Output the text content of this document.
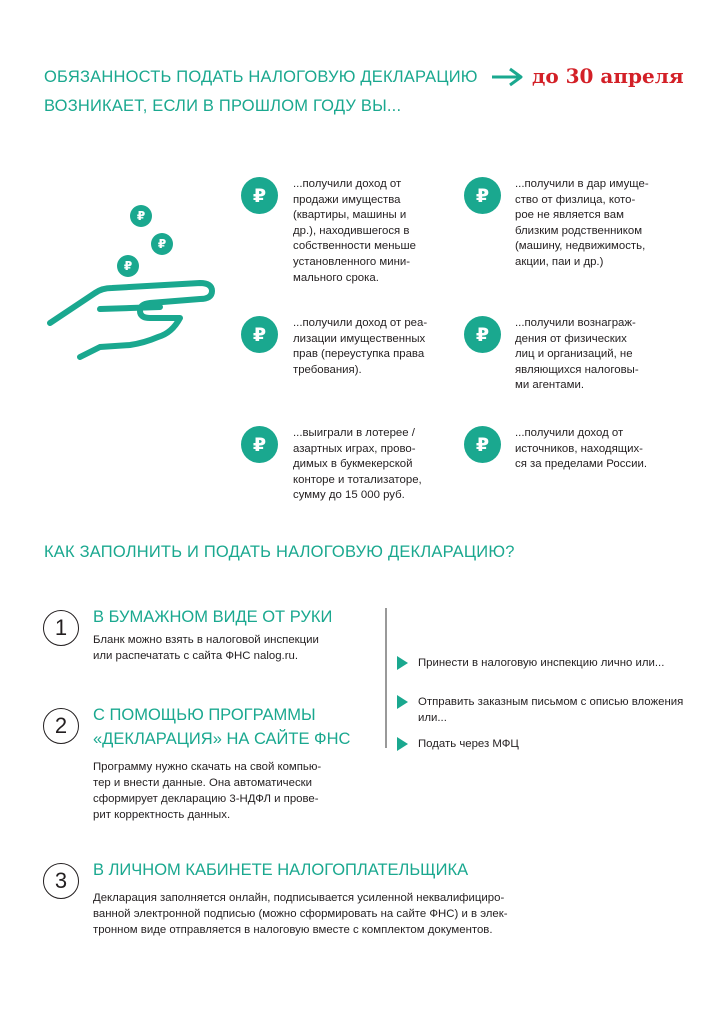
ОБЯЗАННОСТЬ ПОДАТЬ НАЛОГОВУЮ ДЕКЛАРАЦИЮ	до 30 апреля
ВОЗНИКАЕТ, ЕСЛИ В ПРОШЛОМ ГОДУ ВЫ...
₽
₽
₽
₽
...получили доход от
продажи имущества
(квартиры, машины и
др.), находившегося в
собственности меньше
установленного мини-
мального срока.
₽
...получили в дар имуще-
ство от физлица, кото-
рое не является вам
близким родственником
(машину, недвижимость,
акции, паи и др.)
₽
...получили доход от реа-
лизации имущественных
прав (переуступка права
требования).
₽
...получили вознаграж-
дения от физических
лиц и организаций, не
являющихся налоговы-
ми агентами.
₽
...выиграли в лотерее /
азартных играх, прово-
димых в букмекерской
конторе и тотализаторе,
сумму до 15 000 руб.
₽
...получили доход от
источников, находящих-
ся за пределами России.
КАК ЗАПОЛНИТЬ И ПОДАТЬ НАЛОГОВУЮ ДЕКЛАРАЦИЮ?
1	В БУМАЖНОМ ВИДЕ ОТ РУКИ
Бланк можно взять в налоговой инспекции
или распечатать с сайта ФНС nalog.ru.
2	С ПОМОЩЬЮ ПРОГРАММЫ
«ДЕКЛАРАЦИЯ» НА САЙТЕ ФНС
Программу нужно скачать на свой компью-
тер и внести данные. Она автоматически
сформирует декларацию 3-НДФЛ и прове-
рит корректность данных.
Принести в налоговую инспекцию лично или...
Отправить заказным письмом с описью вложения
или...
Подать через МФЦ
3	В ЛИЧНОМ КАБИНЕТЕ НАЛОГОПЛАТЕЛЬЩИКА
Декларация заполняется онлайн, подписывается усиленной неквалифициро-
ванной электронной подписью (можно сформировать на сайте ФНС) и в элек-
тронном виде отправляется в налоговую вместе с комплектом документов.
